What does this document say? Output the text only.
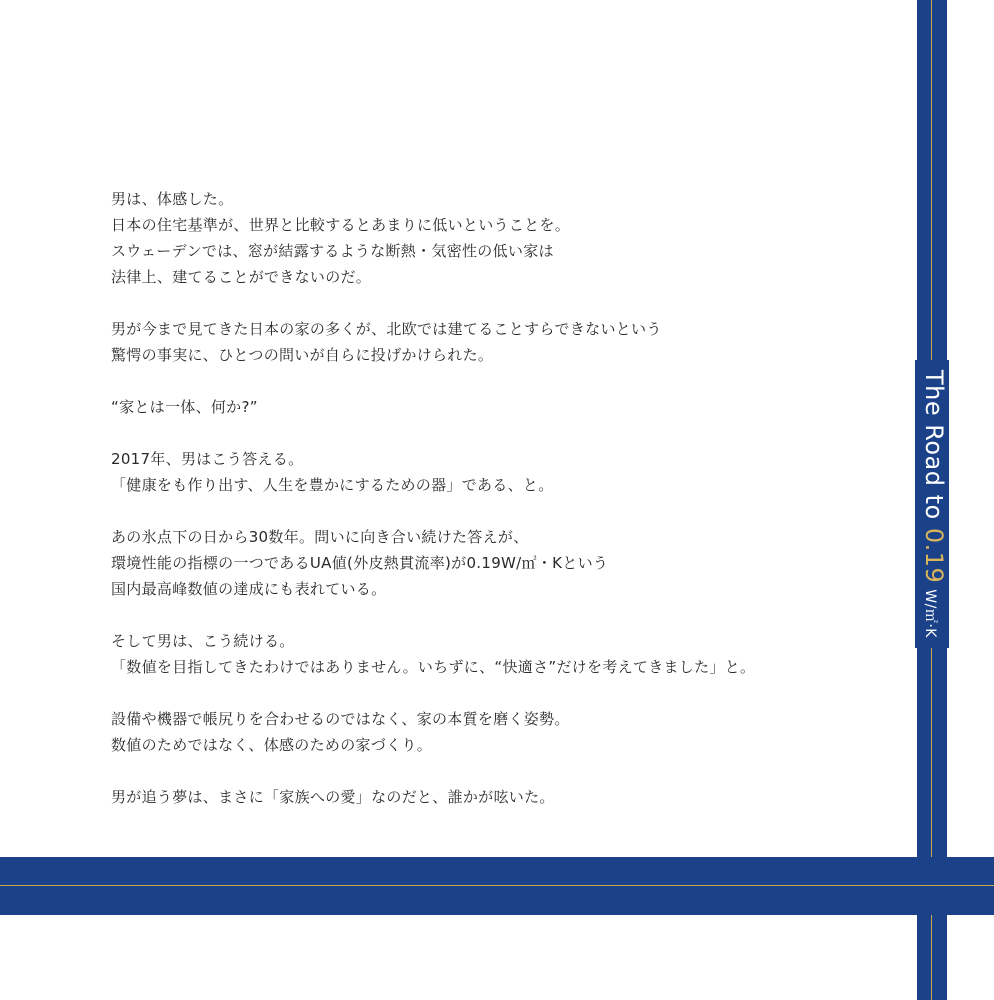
The Road to 0.19W/㎡·K

男は、体感した。
日本の住宅基準が、世界と比較するとあまりに低いということを。
スウェーデンでは、窓が結露するような断熱・気密性の低い家は
法律上、建てることができないのだ。

男が今まで見てきた日本の家の多くが、北欧では建てることすらできないという
驚愕の事実に、ひとつの問いが自らに投げかけられた。

“家とは一体、何か?”

2017年、男はこう答える。
「健康をも作り出す、人生を豊かにするための器」である、と。

あの氷点下の日から30数年。問いに向き合い続けた答えが、
環境性能の指標の一つであるUA値(外皮熱貫流率)が0.19W/㎡・Kという
国内最高峰数値の達成にも表れている。

そして男は、こう続ける。
「数値を目指してきたわけではありません。いちずに、“快適さ”だけを考えてきました」と。

設備や機器で帳尻りを合わせるのではなく、家の本質を磨く姿勢。
数値のためではなく、体感のための家づくり。

男が追う夢は、まさに「家族への愛」なのだと、誰かが呟いた。
